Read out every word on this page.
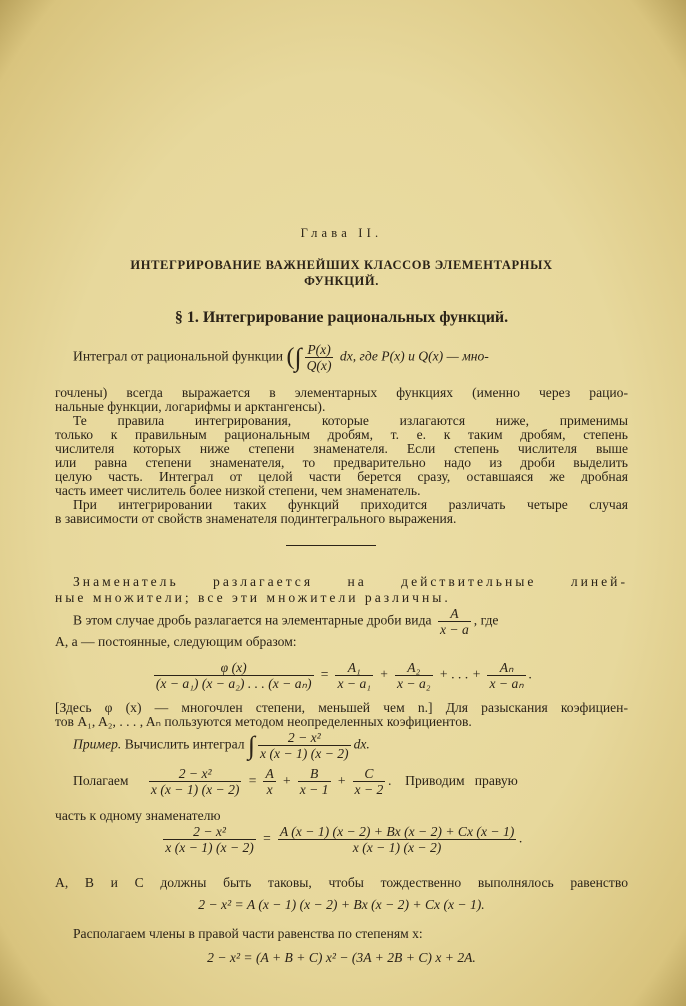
Глава II.
ИНТЕГРИРОВАНИЕ ВАЖНЕЙШИХ КЛАССОВ ЭЛЕМЕНТАРНЫХ
ФУНКЦИЙ.
§ 1. Интегрирование рациональных функций.
Интеграл от рациональной функции (∫ $\frac{P(x)}{Q(x)}$ dx, где P(x) и Q(x) — мно-
гочлены) всегда выражается в элементарных функциях (именно через рацио-
нальные функции, логарифмы и арктангенсы).
Те правила интегрирования, которые излагаются ниже, применимы
только к правильным рациональным дробям, т. е. к таким дробям, степень
числителя которых ниже степени знаменателя. Если степень числителя выше
или равна степени знаменателя, то предварительно надо из дроби выделить
целую часть. Интеграл от целой части берется сразу, оставшаяся же дробная
часть имеет числитель более низкой степени, чем знаменатель.
При интегрировании таких функций приходится различать четыре случая
в зависимости от свойств знаменателя подинтегрального выражения.
Знаменатель разлагается на действительные линей-
ные множители; все эти множители различны.
В этом случае дробь разлагается на элементарные дроби вида $\frac{A}{x - a}$ , где
A, a — постоянные, следующим образом:
$\frac{\varphi (x)}{\text{(x − a₁) (x − a₂) . . . (x − aₙ)}} = \frac{\text{A₁}}{\text{x − a₁}} + \frac{\text{A₂}}{\text{x − a₂}}$ + . . . + $\frac{\text{Aₙ}}{\text{x − aₙ}}$ .
[Здесь φ (x) — многочлен степени, меньшей чем n.] Для разыскания коэфициен-
тов A₁, A₂, . . . , Aₙ пользуются методом неопределенных коэфициентов.
Пример. Вычислить интеграл ∫ $\frac{\text{2 − x²}}{x (x - 1) (x - 2)}$ dx.
Полагаем $\frac{\text{2 − x²}}{x (x - 1) (x - 2)} = \frac{A}{x} + \frac{B}{x - 1} + \frac{C}{x - 2}$ . Приводим   правую
часть к одному знаменателю
$\frac{\text{2 − x²}}{x (x - 1) (x - 2)} = \frac{A (x - 1) (x - 2) + Bx (x - 2) + Cx (x - 1)}{x (x - 1) (x - 2)}$ .
A, B и C должны быть таковы, чтобы тождественно выполнялось равенство
2 − x² = A (x − 1) (x − 2) + Bx (x − 2) + Cx (x − 1).
Располагаем члены в правой части равенства по степеням x:
2 − x² = (A + B + C) x² − (3A + 2B + C) x + 2A.
